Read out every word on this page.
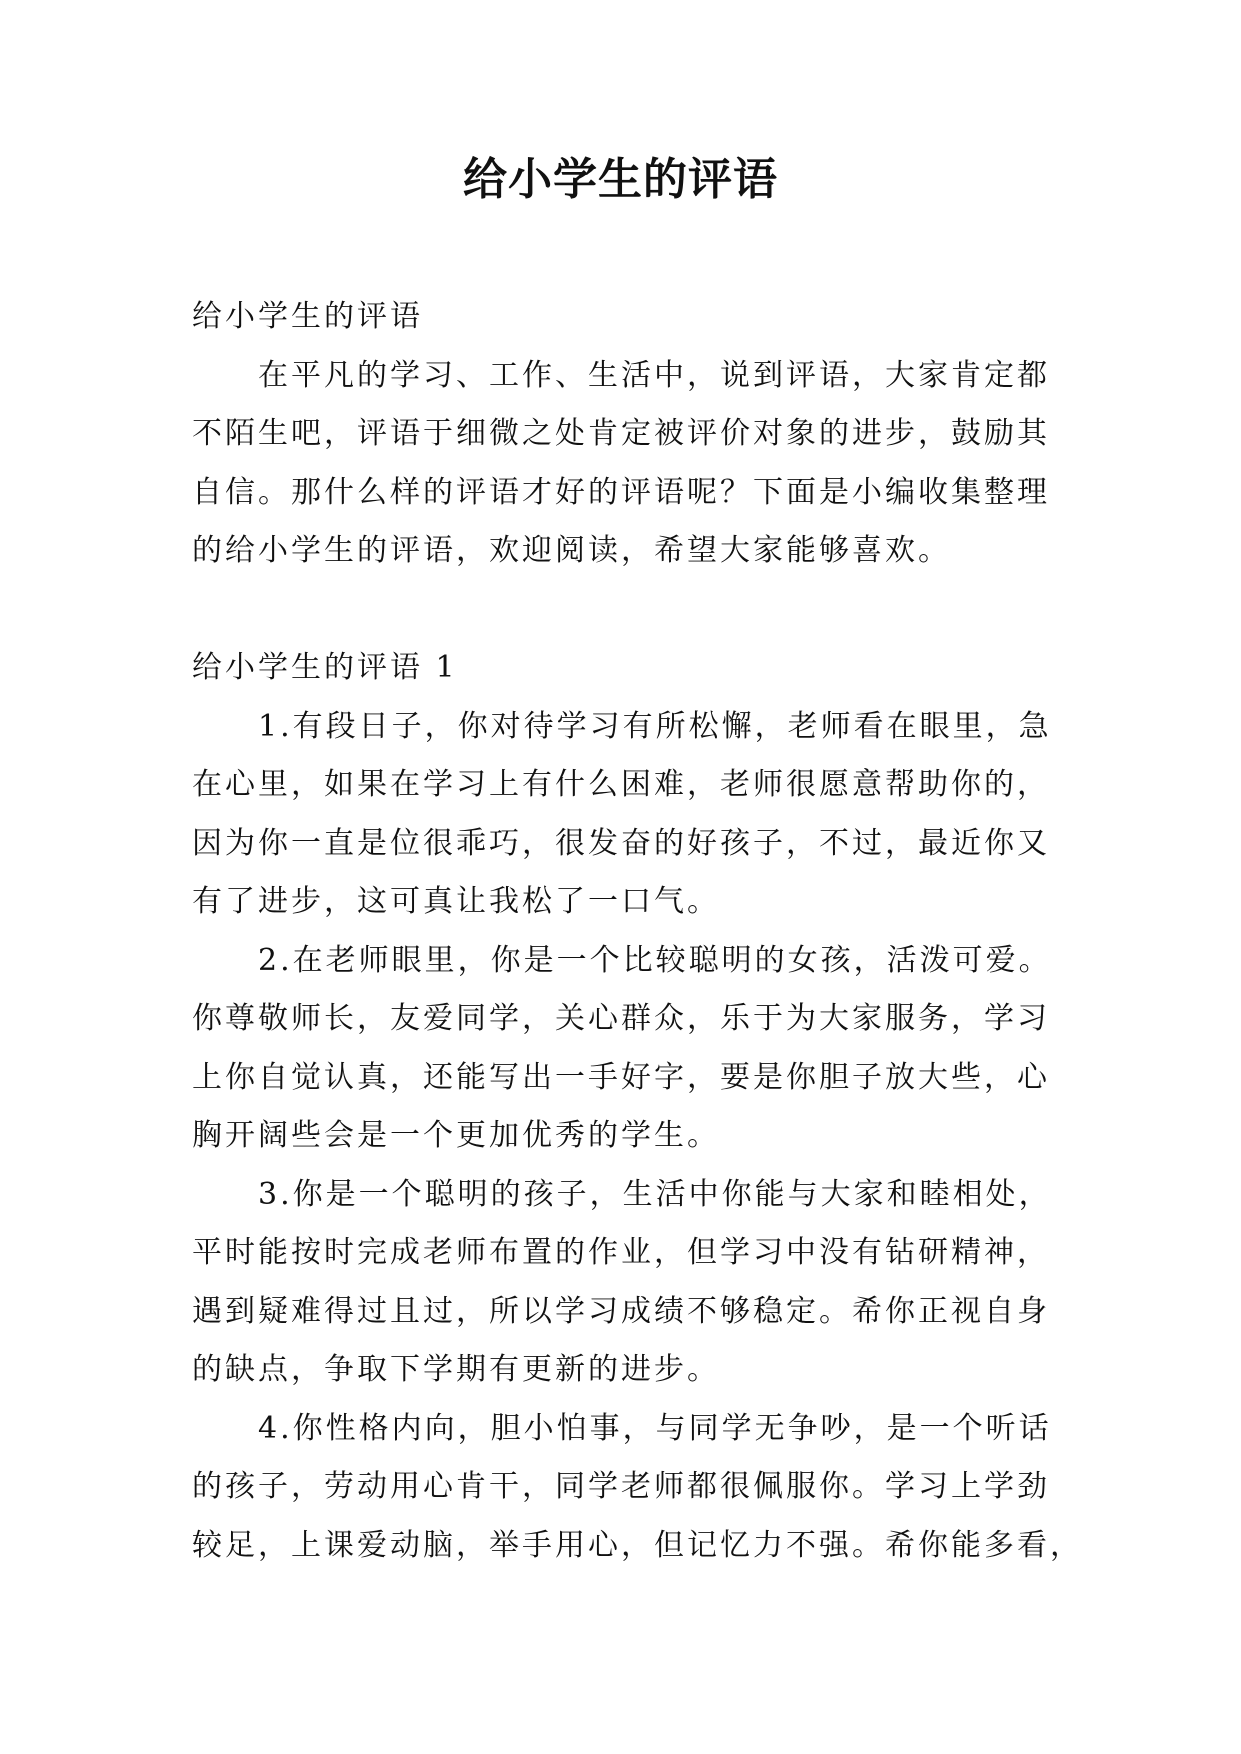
给小学生的评语

给小学生的评语

在平凡的学习、工作、生活中，说到评语，大家肯定都

不陌生吧，评语于细微之处肯定被评价对象的进步，鼓励其

自信。那什么样的评语才好的评语呢？下面是小编收集整理

的给小学生的评语，欢迎阅读，希望大家能够喜欢。

给小学生的评语 1

1.有段日子，你对待学习有所松懈，老师看在眼里，急

在心里，如果在学习上有什么困难，老师很愿意帮助你的，

因为你一直是位很乖巧，很发奋的好孩子，不过，最近你又

有了进步，这可真让我松了一口气。

2.在老师眼里，你是一个比较聪明的女孩，活泼可爱。

你尊敬师长，友爱同学，关心群众，乐于为大家服务，学习

上你自觉认真，还能写出一手好字，要是你胆子放大些，心

胸开阔些会是一个更加优秀的学生。

3.你是一个聪明的孩子，生活中你能与大家和睦相处，

平时能按时完成老师布置的作业，但学习中没有钻研精神，

遇到疑难得过且过，所以学习成绩不够稳定。希你正视自身

的缺点，争取下学期有更新的进步。

4.你性格内向，胆小怕事，与同学无争吵，是一个听话

的孩子，劳动用心肯干，同学老师都很佩服你。学习上学劲

较足，上课爱动脑，举手用心，但记忆力不强。希你能多看，
